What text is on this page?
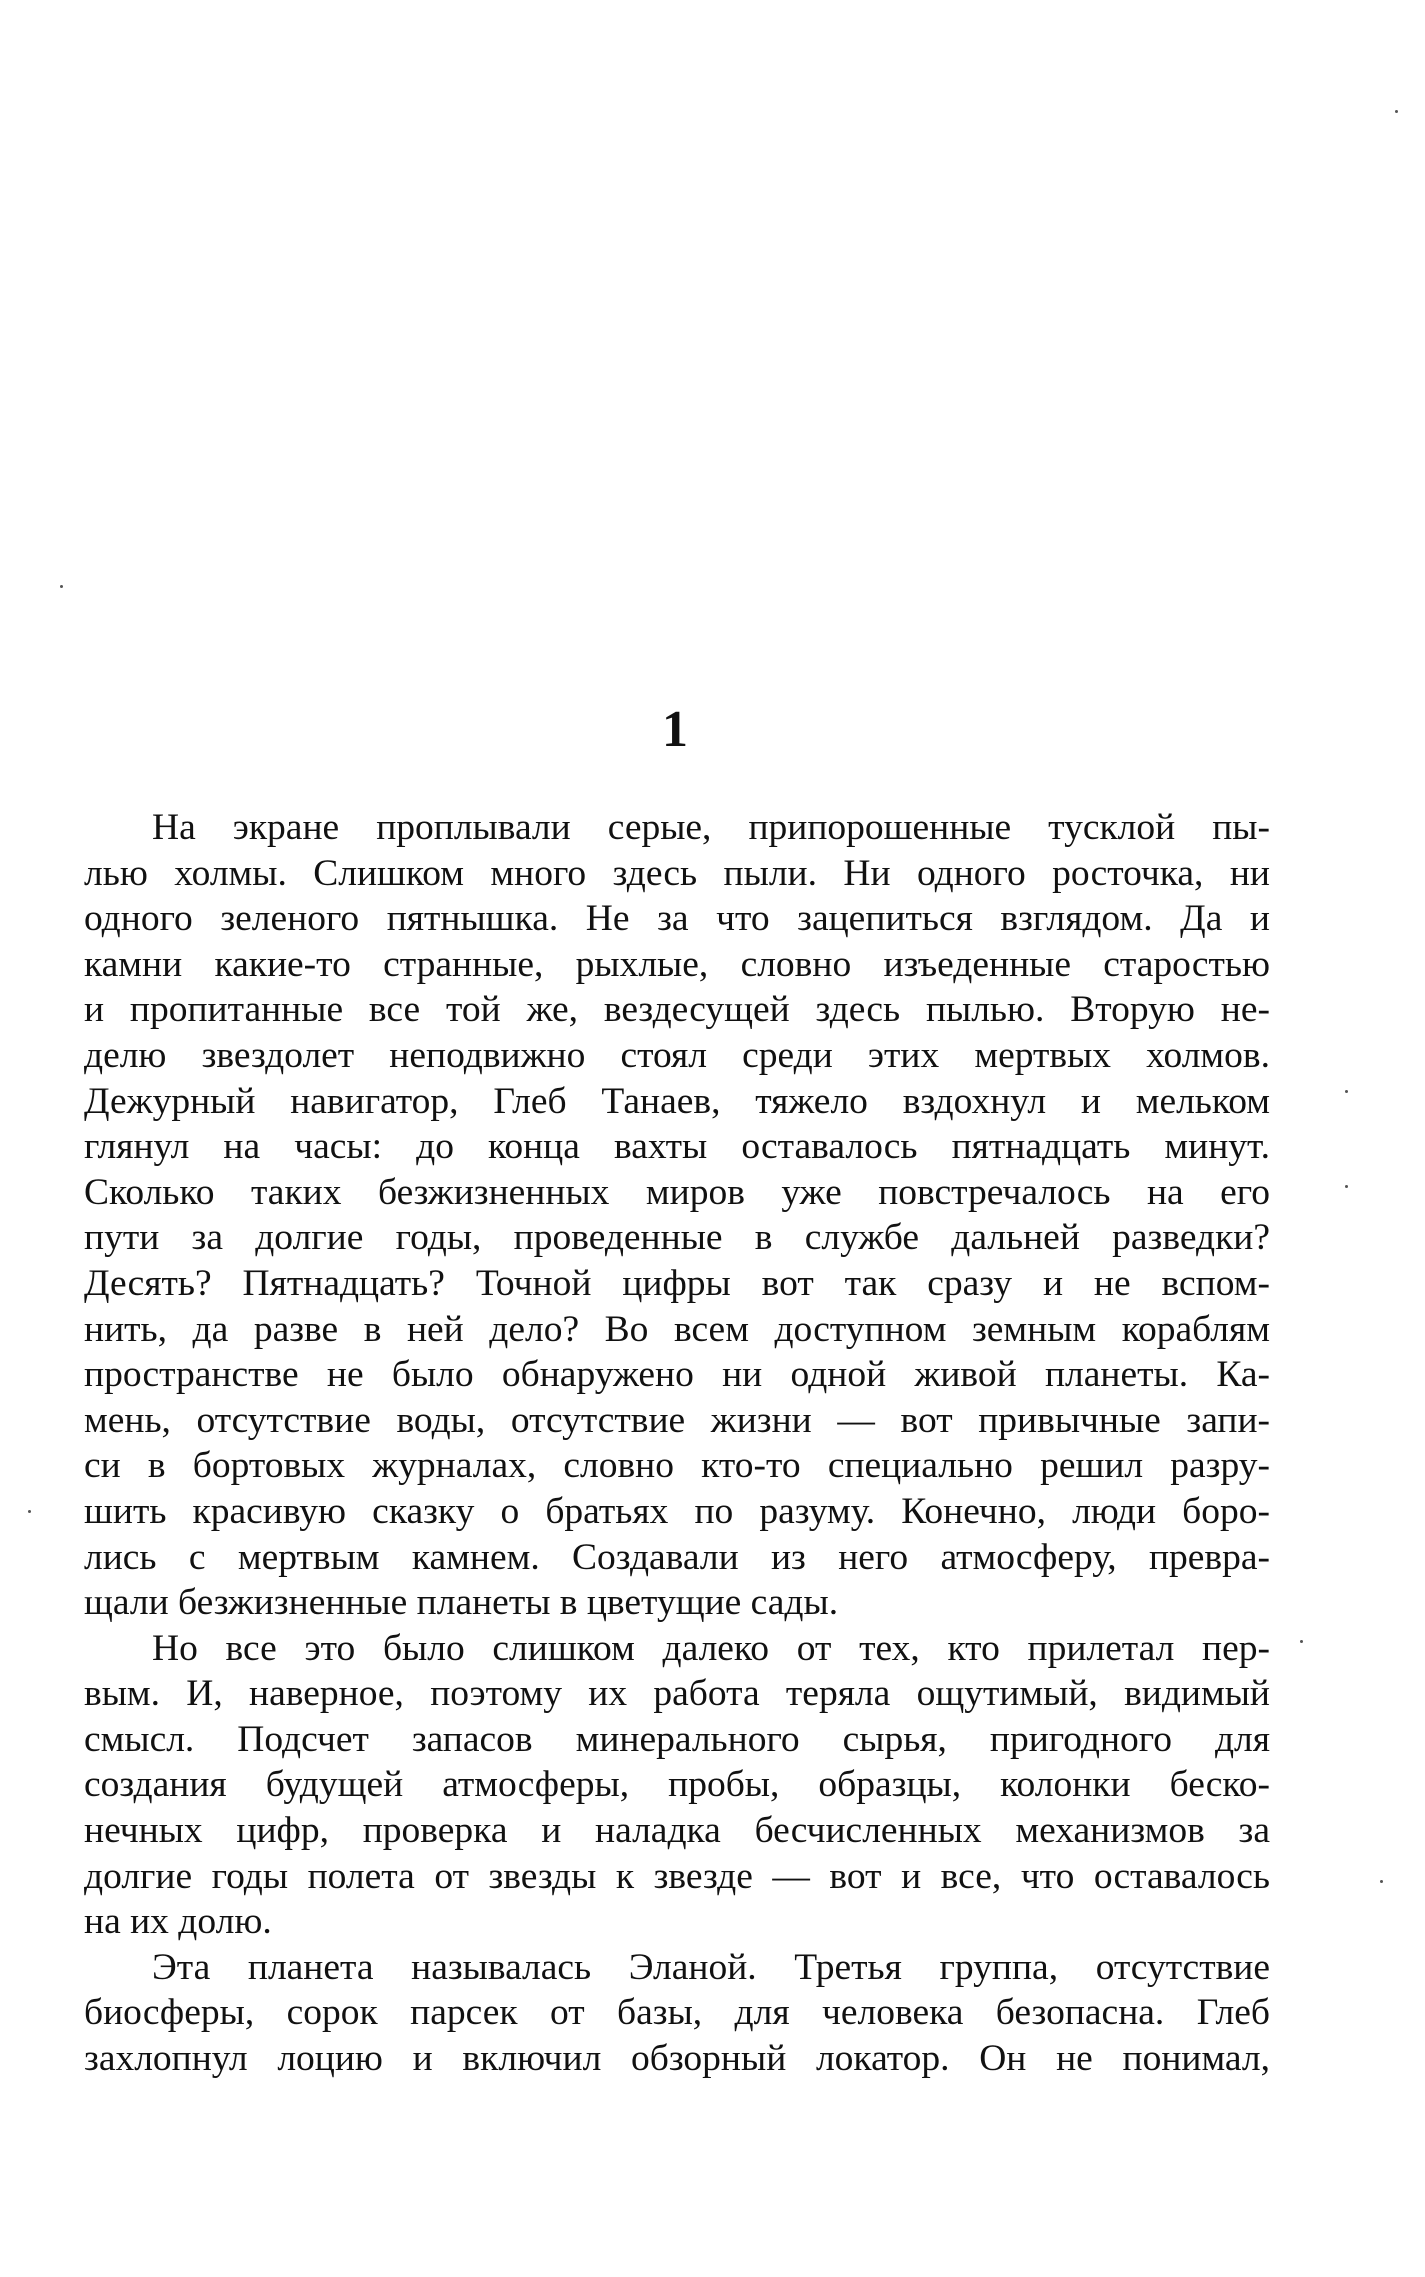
1
На экране проплывали серые, припорошенные тусклой пы-
лью холмы. Слишком много здесь пыли. Ни одного росточка, ни
одного зеленого пятнышка. Не за что зацепиться взглядом. Да и
камни какие-то странные, рыхлые, словно изъеденные старостью
и пропитанные все той же, вездесущей здесь пылью. Вторую не-
делю звездолет неподвижно стоял среди этих мертвых холмов.
Дежурный навигатор, Глеб Танаев, тяжело вздохнул и мельком
глянул на часы: до конца вахты оставалось пятнадцать минут.
Сколько таких безжизненных миров уже повстречалось на его
пути за долгие годы, проведенные в службе дальней разведки?
Десять? Пятнадцать? Точной цифры вот так сразу и не вспом-
нить, да разве в ней дело? Во всем доступном земным кораблям
пространстве не было обнаружено ни одной живой планеты. Ка-
мень, отсутствие воды, отсутствие жизни — вот привычные запи-
си в бортовых журналах, словно кто-то специально решил разру-
шить красивую сказку о братьях по разуму. Конечно, люди боро-
лись с мертвым камнем. Создавали из него атмосферу, превра-
щали безжизненные планеты в цветущие сады.
Но все это было слишком далеко от тех, кто прилетал пер-
вым. И, наверное, поэтому их работа теряла ощутимый, видимый
смысл. Подсчет запасов минерального сырья, пригодного для
создания будущей атмосферы, пробы, образцы, колонки беско-
нечных цифр, проверка и наладка бесчисленных механизмов за
долгие годы полета от звезды к звезде — вот и все, что оставалось
на их долю.
Эта планета называлась Эланой. Третья группа, отсутствие
биосферы, сорок парсек от базы, для человека безопасна. Глеб
захлопнул лоцию и включил обзорный локатор. Он не понимал,
